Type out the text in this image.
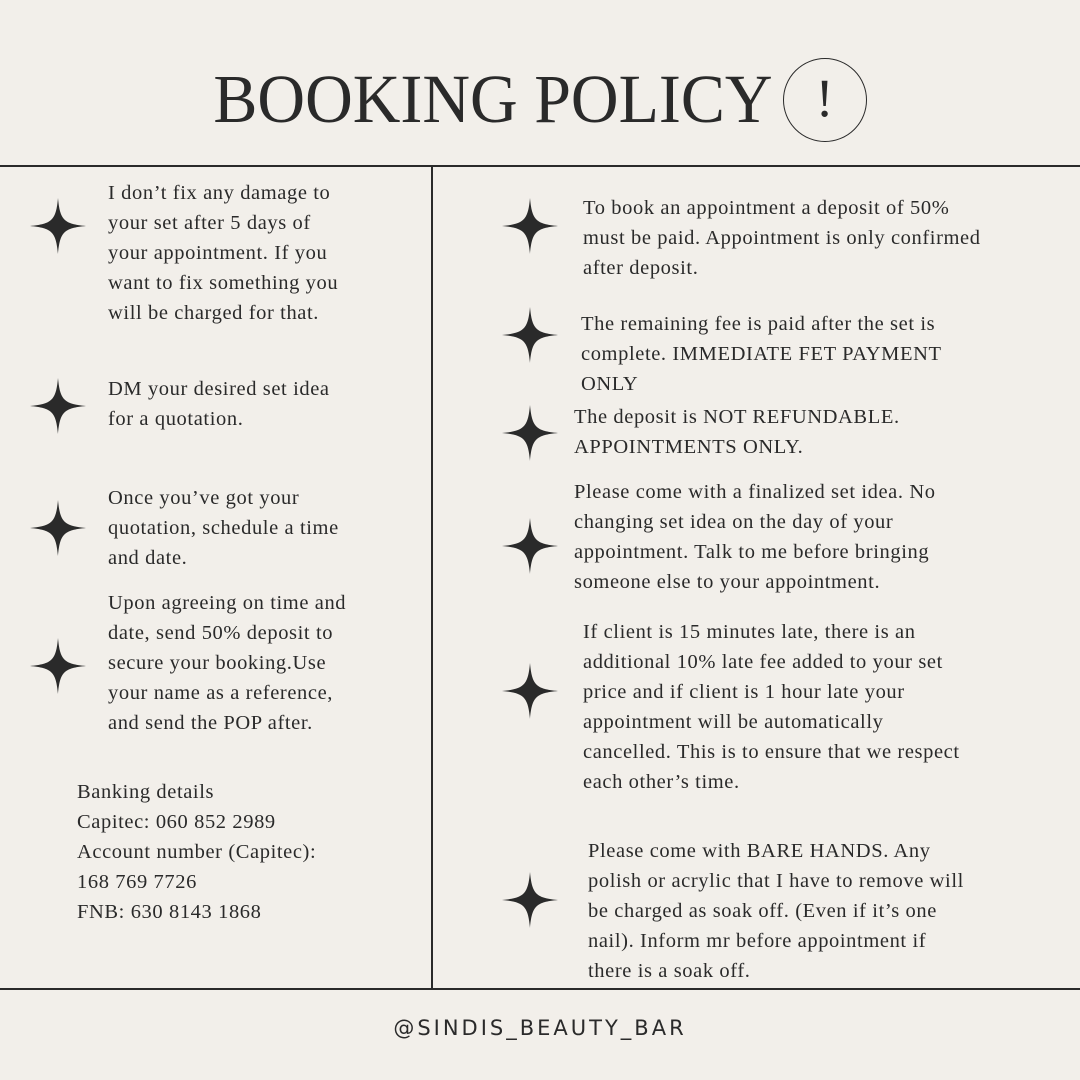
BOOKING POLICY !
I don’t fix any damage to
your set after 5 days of
your appointment. If you
want to fix something you
will be charged for that.
DM your desired set idea
for a quotation.
Once you’ve got your
quotation, schedule a time
and date.
Upon agreeing on time and
date, send 50% deposit to
secure your booking.Use
your name as a reference,
and send the POP after.
Banking details
Capitec: 060 852 2989
Account number (Capitec):
168 769 7726
FNB: 630 8143 1868
To book an appointment a deposit of 50%
must be paid. Appointment is only confirmed
after deposit.
The remaining fee is paid after the set is
complete. IMMEDIATE FET PAYMENT
ONLY
The deposit is NOT REFUNDABLE.
APPOINTMENTS ONLY.
Please come with a finalized set idea. No
changing set idea on the day of your
appointment. Talk to me before bringing
someone else to your appointment.
If client is 15 minutes late, there is an
additional 10% late fee added to your set
price and if client is 1 hour late your
appointment will be automatically
cancelled. This is to ensure that we respect
each other’s time.
Please come with BARE HANDS. Any
polish or acrylic that I have to remove will
be charged as soak off. (Even if it’s one
nail). Inform mr before appointment if
there is a soak off.
@SINDIS_BEAUTY_BAR
